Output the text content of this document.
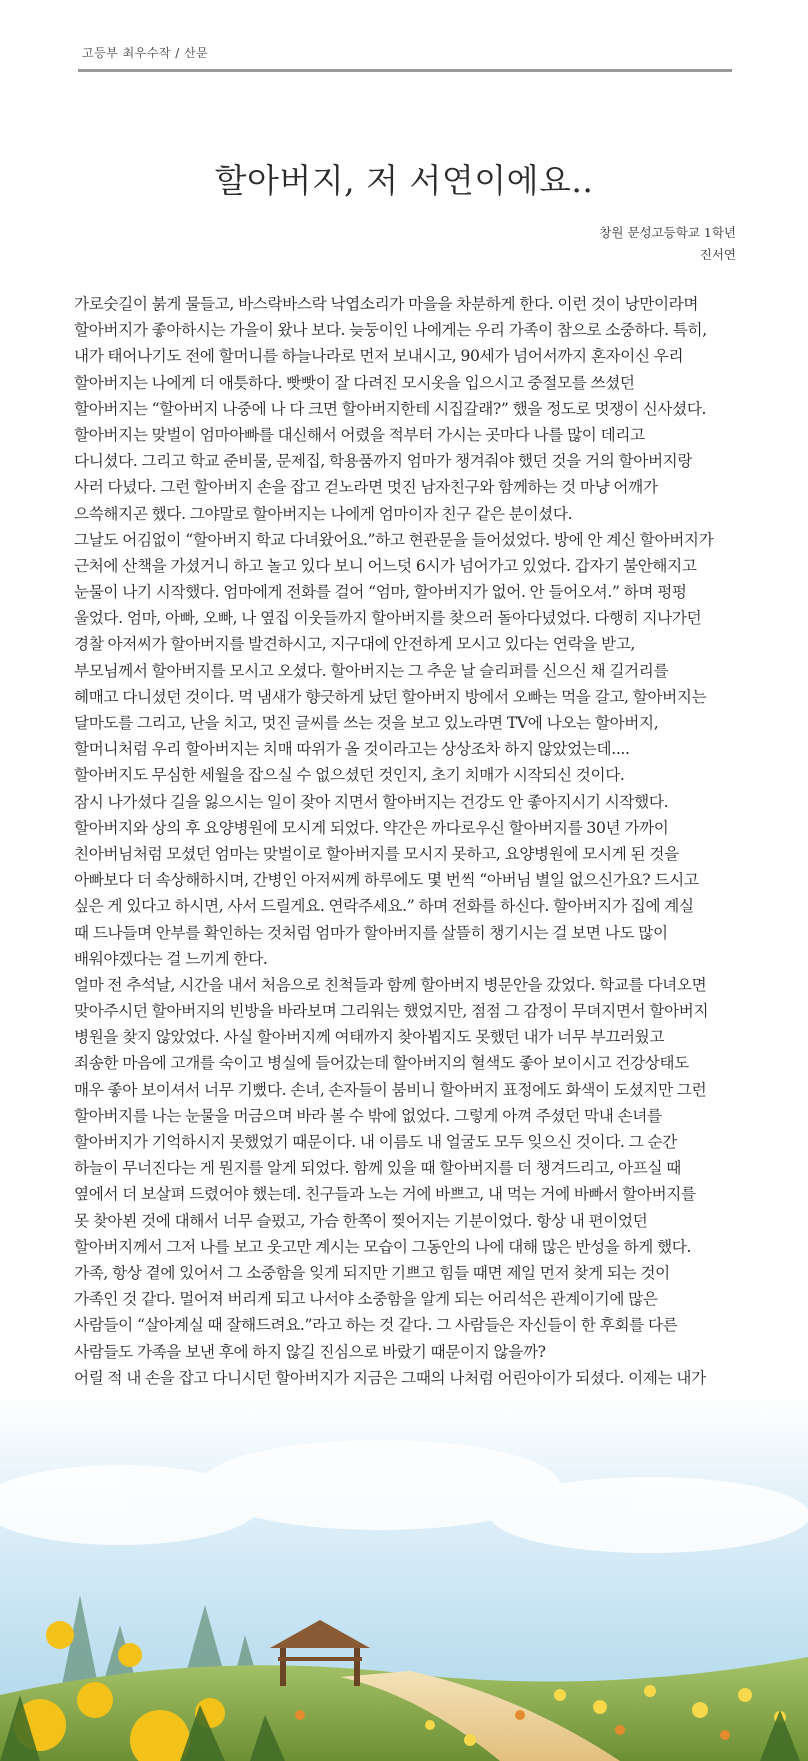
고등부 최우수작 / 산문
할아버지, 저 서연이에요..
창원 문성고등학교 1학년
진서연
가로숫길이 붉게 물들고, 바스락바스락 낙엽소리가 마을을 차분하게 한다. 이런 것이 낭만이라며
할아버지가 좋아하시는 가을이 왔나 보다. 늦둥이인 나에게는 우리 가족이 참으로 소중하다. 특히,
내가 태어나기도 전에 할머니를 하늘나라로 먼저 보내시고, 90세가 넘어서까지 혼자이신 우리
할아버지는 나에게 더 애틋하다. 빳빳이 잘 다려진 모시옷을 입으시고 중절모를 쓰셨던
할아버지는 “할아버지 나중에 나 다 크면 할아버지한테 시집갈래?” 했을 정도로 멋쟁이 신사셨다.
할아버지는 맞벌이 엄마아빠를 대신해서 어렸을 적부터 가시는 곳마다 나를 많이 데리고
다니셨다. 그리고 학교 준비물, 문제집, 학용품까지 엄마가 챙겨줘야 했던 것을 거의 할아버지랑
사러 다녔다. 그런 할아버지 손을 잡고 걷노라면 멋진 남자친구와 함께하는 것 마냥 어깨가
으쓱해지곤 했다. 그야말로 할아버지는 나에게 엄마이자 친구 같은 분이셨다.
그날도 어김없이 “할아버지 학교 다녀왔어요.”하고 현관문을 들어섰었다. 방에 안 계신 할아버지가
근처에 산책을 가셨거니 하고 놀고 있다 보니 어느덧 6시가 넘어가고 있었다. 갑자기 불안해지고
눈물이 나기 시작했다. 엄마에게 전화를 걸어 “엄마, 할아버지가 없어. 안 들어오셔.” 하며 펑펑
울었다. 엄마, 아빠, 오빠, 나 옆집 이웃들까지 할아버지를 찾으러 돌아다녔었다. 다행히 지나가던
경찰 아저씨가 할아버지를 발견하시고, 지구대에 안전하게 모시고 있다는 연락을 받고,
부모님께서 할아버지를 모시고 오셨다. 할아버지는 그 추운 날 슬리퍼를 신으신 채 길거리를
헤매고 다니셨던 것이다. 먹 냄새가 향긋하게 났던 할아버지 방에서 오빠는 먹을 갈고, 할아버지는
달마도를 그리고, 난을 치고, 멋진 글씨를 쓰는 것을 보고 있노라면 TV에 나오는 할아버지,
할머니처럼 우리 할아버지는 치매 따위가 올 것이라고는 상상조차 하지 않았었는데....
할아버지도 무심한 세월을 잡으실 수 없으셨던 것인지, 초기 치매가 시작되신 것이다.
잠시 나가셨다 길을 잃으시는 일이 잦아 지면서 할아버지는 건강도 안 좋아지시기 시작했다.
할아버지와 상의 후 요양병원에 모시게 되었다. 약간은 까다로우신 할아버지를 30년 가까이
친아버님처럼 모셨던 엄마는 맞벌이로 할아버지를 모시지 못하고, 요양병원에 모시게 된 것을
아빠보다 더 속상해하시며, 간병인 아저씨께 하루에도 몇 번씩 “아버님 별일 없으신가요? 드시고
싶은 게 있다고 하시면, 사서 드릴게요. 연락주세요.” 하며 전화를 하신다. 할아버지가 집에 계실
때 드나들며 안부를 확인하는 것처럼 엄마가 할아버지를 살뜰히 챙기시는 걸 보면 나도 많이
배워야겠다는 걸 느끼게 한다.
얼마 전 추석날, 시간을 내서 처음으로 친척들과 함께 할아버지 병문안을 갔었다. 학교를 다녀오면
맞아주시던 할아버지의 빈방을 바라보며 그리워는 했었지만, 점점 그 감정이 무뎌지면서 할아버지
병원을 찾지 않았었다. 사실 할아버지께 여태까지 찾아뵙지도 못했던 내가 너무 부끄러웠고
죄송한 마음에 고개를 숙이고 병실에 들어갔는데 할아버지의 혈색도 좋아 보이시고 건강상태도
매우 좋아 보이셔서 너무 기뻤다. 손녀, 손자들이 붐비니 할아버지 표정에도 화색이 도셨지만 그런
할아버지를 나는 눈물을 머금으며 바라 볼 수 밖에 없었다. 그렇게 아껴 주셨던 막내 손녀를
할아버지가 기억하시지 못했었기 때문이다. 내 이름도 내 얼굴도 모두 잊으신 것이다. 그 순간
하늘이 무너진다는 게 뭔지를 알게 되었다. 함께 있을 때 할아버지를 더 챙겨드리고, 아프실 때
옆에서 더 보살펴 드렸어야 했는데. 친구들과 노는 거에 바쁘고, 내 먹는 거에 바빠서 할아버지를
못 찾아뵌 것에 대해서 너무 슬펐고, 가슴 한쪽이 찢어지는 기분이었다. 항상 내 편이었던
할아버지께서 그저 나를 보고 웃고만 계시는 모습이 그동안의 나에 대해 많은 반성을 하게 했다.
가족, 항상 곁에 있어서 그 소중함을 잊게 되지만 기쁘고 힘들 때면 제일 먼저 찾게 되는 것이
가족인 것 같다. 멀어져 버리게 되고 나서야 소중함을 알게 되는 어리석은 관계이기에 많은
사람들이 “살아계실 때 잘해드려요.”라고 하는 것 같다. 그 사람들은 자신들이 한 후회를 다른
사람들도 가족을 보낸 후에 하지 않길 진심으로 바랐기 때문이지 않을까?
어릴 적 내 손을 잡고 다니시던 할아버지가 지금은 그때의 나처럼 어린아이가 되셨다. 이제는 내가
